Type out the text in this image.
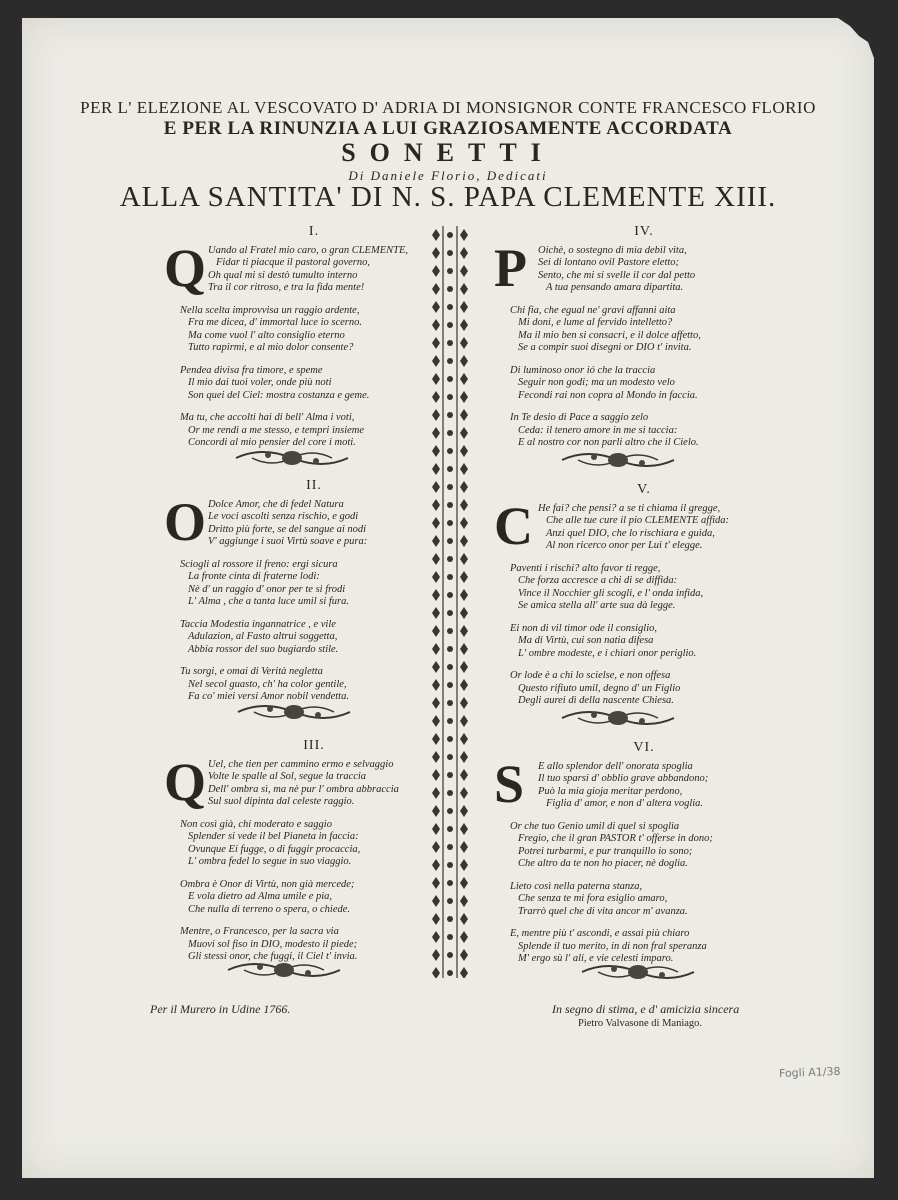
PER L' ELEZIONE AL VESCOVATO D' ADRIA DI MONSIGNOR CONTE FRANCESCO FLORIO
E PER LA RINUNZIA A LUI GRAZIOSAMENTE ACCORDATA
SONETTI
Di Daniele Florio, Dedicati
ALLA SANTITA' DI N. S. PAPA CLEMENTE XIII.
I.
Q Uando al Fratel mio caro, o gran CLEMENTE,
Fidar ti piacque il pastoral governo,
Oh qual mi si destò tumulto interno
Tra il cor ritroso, e tra la fida mente!
Nella scelta improvvisa un raggio ardente,
Fra me dicea, d' immortal luce io scerno.
Ma come vuol l' alto consiglio eterno
Tutto rapirmi, e al mio dolor consente?
Pendea divisa fra timore, e speme
Il mio dai tuoi voler, onde più noti
Son quei del Ciel: mostra costanza e geme.
Ma tu, che accolti hai di bell' Alma i voti,
Or me rendi a me stesso, e tempri insieme
Concordi al mio pensier del core i moti.
II.
O Dolce Amor, che di fedel Natura
Le voci ascolti senza rischio, e godi
Dritto più forte, se del sangue ai nodi
V' aggiunge i suoi Virtù soave e pura:
Sciogli al rossore il freno: ergi sicura
La fronte cinta di fraterne lodi:
Nè d' un raggio d' onor per te si frodi
L' Alma , che a tanta luce umil si fura.
Taccia Modestia ingannatrice , e vile
Adulazion, al Fasto altrui soggetta,
Abbia rossor del suo bugiardo stile.
Tu sorgi, e omai di Verità negletta
Nel secol guasto, ch' ha color gentile,
Fa co' miei versi Amor nobil vendetta.
III.
Q Uel, che tien per cammino ermo e selvaggio
Volte le spalle al Sol, segue la traccia
Dell' ombra sì, ma nè pur l' ombra abbraccia
Sul suol dipinta dal celeste raggio.
Non così già, chi moderato e saggio
Splender si vede il bel Pianeta in faccia:
Ovunque Ei fugge, o di fuggir procaccia,
L' ombra fedel lo segue in suo viaggio.
Ombra è Onor di Virtù, non già mercede;
E vola dietro ad Alma umile e pia,
Che nulla di terreno o spera, o chiede.
Mentre, o Francesco, per la sacra via
Muovi sol fiso in DIO, modesto il piede;
Gli stessi onor, che fuggi, il Ciel t' invia.
IV.
P Oichè, o sostegno di mia debil vita,
Sei di lontano ovil Pastore eletto;
Sento, che mi si svelle il cor dal petto
A tua pensando amara dipartita.
Chi fia, che egual ne' gravi affanni aita
Mi doni, e lume al fervido intelletto?
Ma il mio ben si consacri, e il dolce affetto,
Se a compir suoi disegni or DIO t' invita.
Di luminoso onor ió che la traccia
Seguir non godi; ma un modesto velo
Fecondi rai non copra al Mondo in faccia.
In Te desio di Pace a saggio zelo
Ceda: il tenero amore in me si taccia:
E al nostro cor non parli altro che il Cielo.
V.
C He fai? che pensi? a se ti chiama il gregge,
Che alle tue cure il pio CLEMENTE affida:
Anzi quel DIO, che lo rischiara e guida,
Al non ricerco onor per Lui t' elegge.
Paventi i rischi? alto favor ti regge,
Che forza accresce a chi di se diffida:
Vince il Nocchier gli scogli, e l' onda infida,
Se amica stella all' arte sua dà legge.
Ei non di vil timor ode il consiglio,
Ma di Virtù, cui son natia difesa
L' ombre modeste, e i chiari onor periglio.
Or lode è a chi lo scielse, e non offesa
Questo rifiuto umil, degno d' un Figlio
Degli aurei dì della nascente Chiesa.
VI.
S E allo splendor dell' onorata spoglia
Il tuo sparsi d' obblio grave abbandono;
Può la mia gioja meritar perdono,
Figlia d' amor, e non d' altera voglia.
Or che tuo Genio umil di quel si spoglia
Fregio, che il gran PASTOR t' offerse in dono;
Potrei turbarmi, e pur tranquillo io sono;
Che altro da te non ho piacer, nè doglia.
Lieto così nella paterna stanza,
Che senza te mi fora esiglio amaro,
Trarrò quel che di vita ancor m' avanza.
E, mentre più t' ascondi, e assai più chiaro
Splende il tuo merito, in di non fral speranza
M' ergo sù l' ali, e vie celesti imparo.
Per il Murero in Udine 1766.	In segno di stima, e d' amicizia sincera
Pietro Valvasone di Maniago.
Fogli A1/38
